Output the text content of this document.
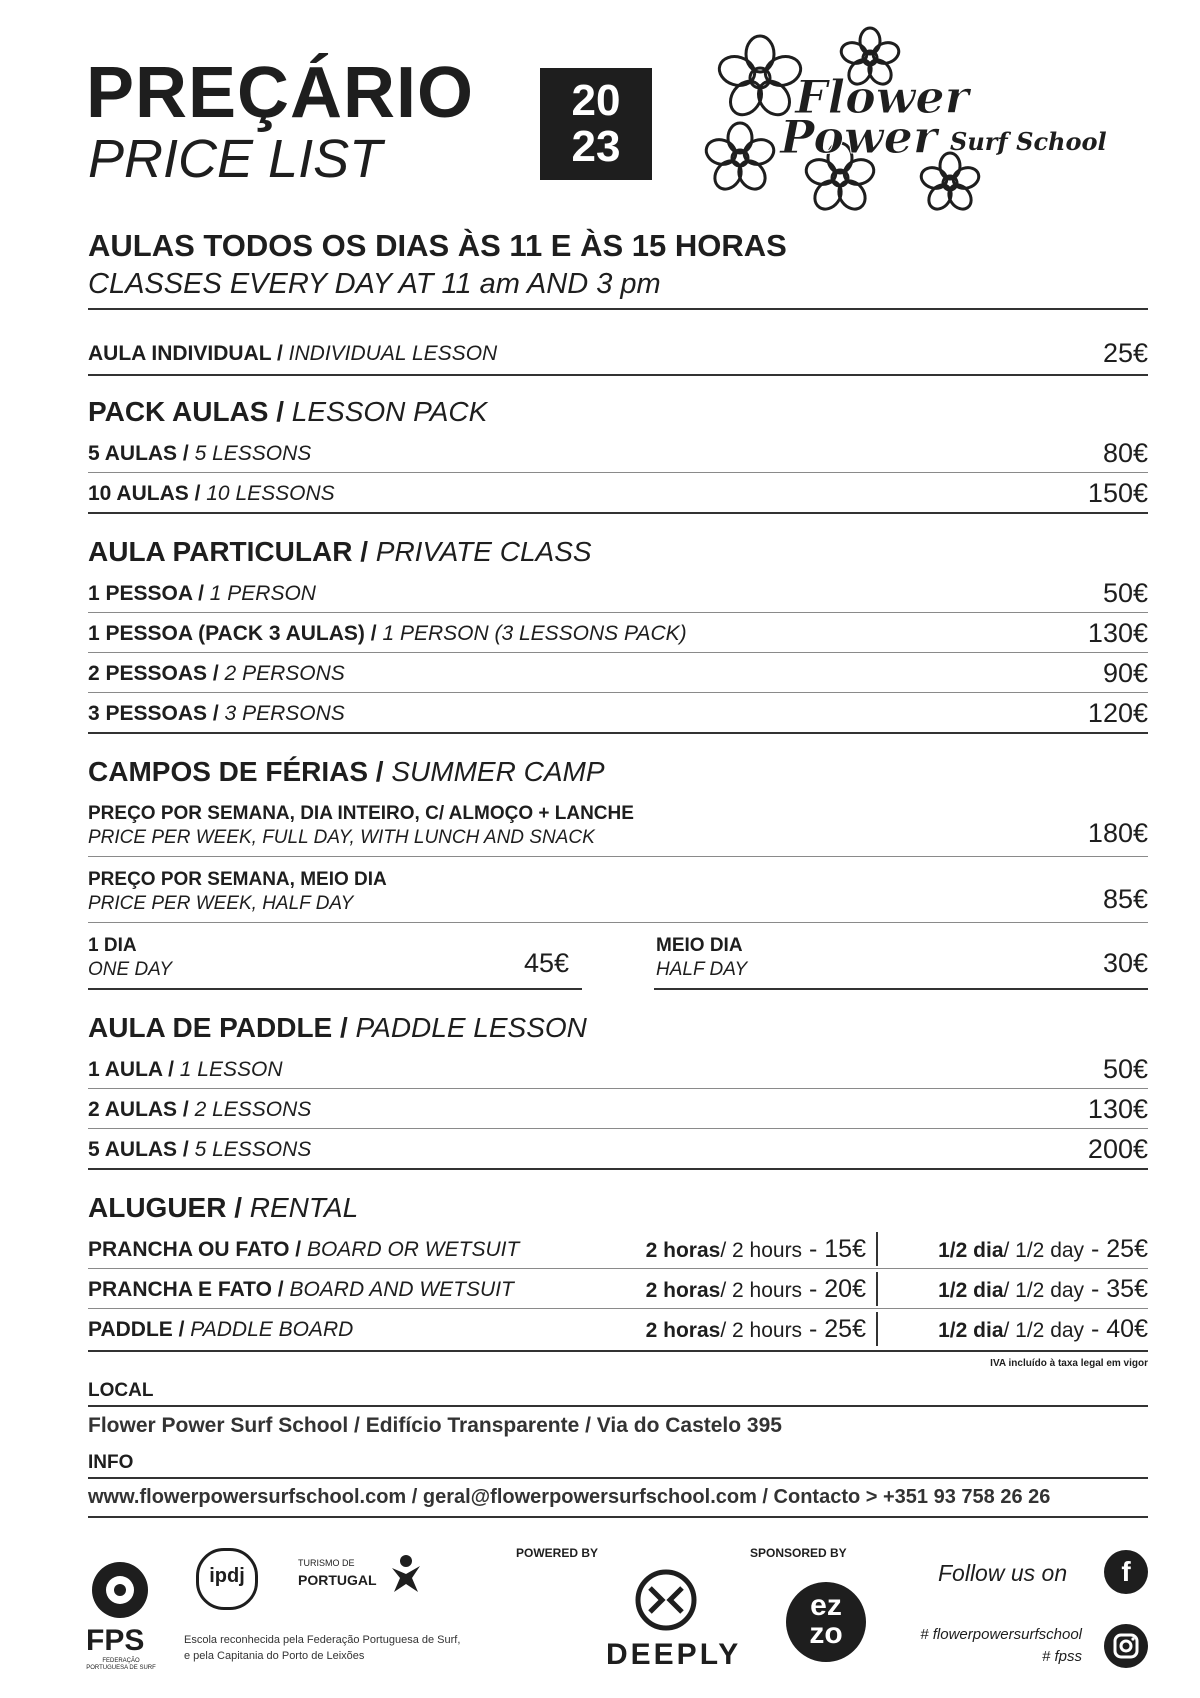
PREÇÁRIO
PRICE LIST
20
23
Flower
Power Surf School
AULAS TODOS OS DIAS ÀS 11 E ÀS 15 HORAS
CLASSES EVERY DAY AT 11 am AND 3 pm
AULA INDIVIDUAL / INDIVIDUAL LESSON	25€
PACK AULAS / LESSON PACK
5 AULAS / 5 LESSONS	80€
10 AULAS / 10 LESSONS	150€
AULA PARTICULAR / PRIVATE CLASS
1 PESSOA / 1 PERSON	50€
1 PESSOA (PACK 3 AULAS) / 1 PERSON (3 LESSONS PACK)	130€
2 PESSOAS / 2 PERSONS	90€
3 PESSOAS / 3 PERSONS	120€
CAMPOS DE FÉRIAS / SUMMER CAMP
PREÇO POR SEMANA, DIA INTEIRO, C/ ALMOÇO + LANCHE
PRICE PER WEEK, FULL DAY, WITH LUNCH AND SNACK	180€
PREÇO POR SEMANA, MEIO DIA
PRICE PER WEEK, HALF DAY	85€
1 DIA
ONE DAY	45€
MEIO DIA
HALF DAY	30€
AULA DE PADDLE / PADDLE LESSON
1 AULA / 1 LESSON	50€
2 AULAS / 2 LESSONS	130€
5 AULAS / 5 LESSONS	200€
ALUGUER / RENTAL
PRANCHA OU FATO / BOARD OR WETSUIT	2 horas/ 2 hours - 15€	1/2 dia/ 1/2 day - 25€
PRANCHA E FATO / BOARD AND WETSUIT	2 horas/ 2 hours - 20€	1/2 dia/ 1/2 day - 35€
PADDLE / PADDLE BOARD	2 horas/ 2 hours - 25€	1/2 dia/ 1/2 day - 40€
IVA incluído à taxa legal em vigor
LOCAL
Flower Power Surf School / Edifício Transparente / Via do Castelo 395
INFO
www.flowerpowersurfschool.com / geral@flowerpowersurfschool.com / Contacto > +351 93 758 26 26
FPS
FEDERAÇÃO PORTUGUESA DE SURF
ipdj
TURISMO DE
PORTUGAL
Escola reconhecida pela Federação Portuguesa de Surf,
e pela Capitania do Porto de Leixões
POWERED BY
DEEPLY
SPONSORED BY
ez
zo
Follow us on	f
# flowerpowersurfschool
# fpss
